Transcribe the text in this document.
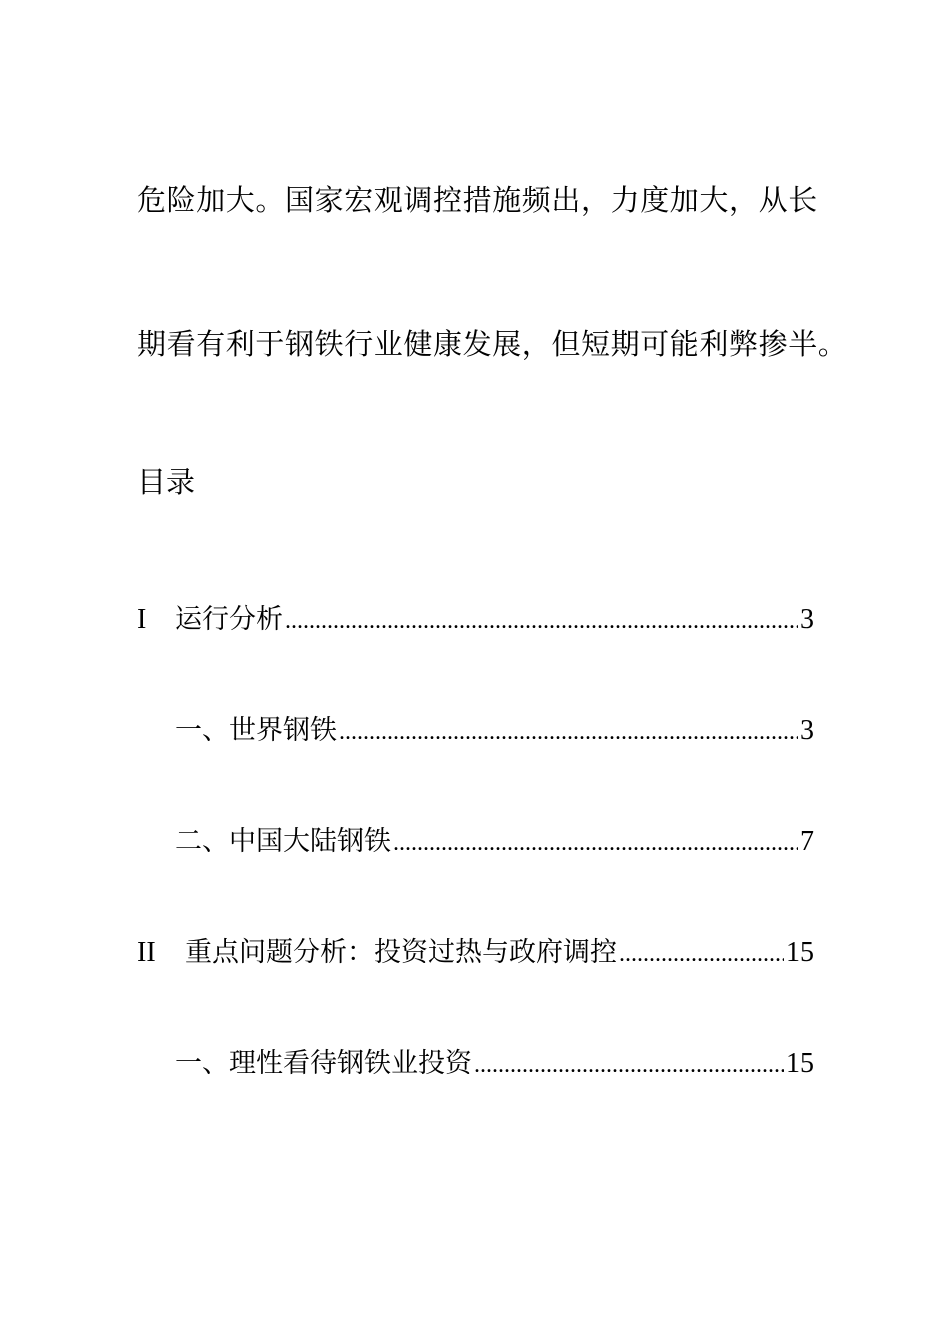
危险加大。国家宏观调控措施频出，力度加大，从长
期看有利于钢铁行业健康发展，但短期可能利弊掺半。
目录
I	运行分析 .....	3
一、世界钢铁 .....	3
二、中国大陆钢铁 .....	7
II	重点问题分析：投资过热与政府调控 .....	15
一、理性看待钢铁业投资 .....	15
